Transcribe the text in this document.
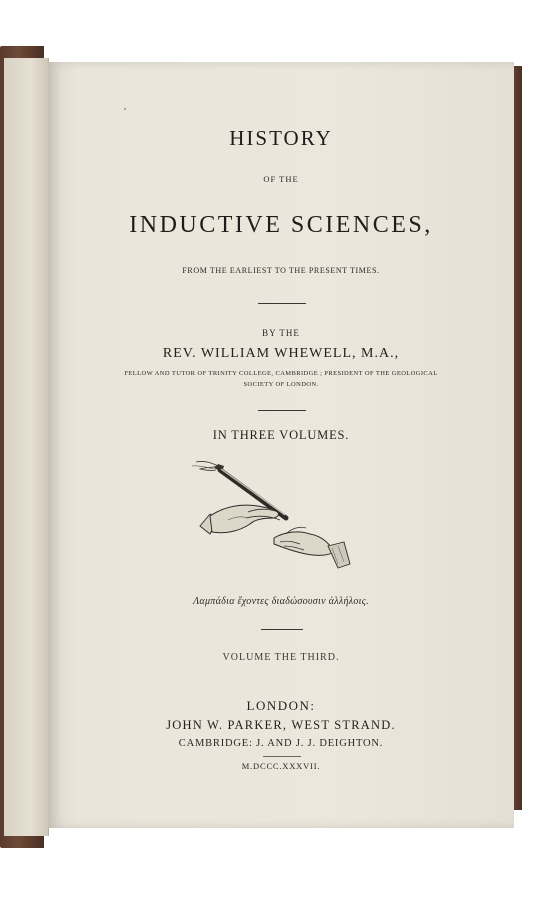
HISTORY
OF THE
INDUCTIVE SCIENCES,
FROM THE EARLIEST TO THE PRESENT TIMES.
BY THE
REV. WILLIAM WHEWELL, M.A.,
FELLOW AND TUTOR OF TRINITY COLLEGE, CAMBRIDGE ; PRESIDENT OF THE GEOLOGICAL
SOCIETY OF LONDON.
IN THREE VOLUMES.
Λαμπάδια ἔχοντες διαδώσουσιν ἀλλήλοις.
VOLUME THE THIRD.
LONDON:
JOHN W. PARKER, WEST STRAND.
CAMBRIDGE: J. AND J. J. DEIGHTON.
M.DCCC.XXXVII.
